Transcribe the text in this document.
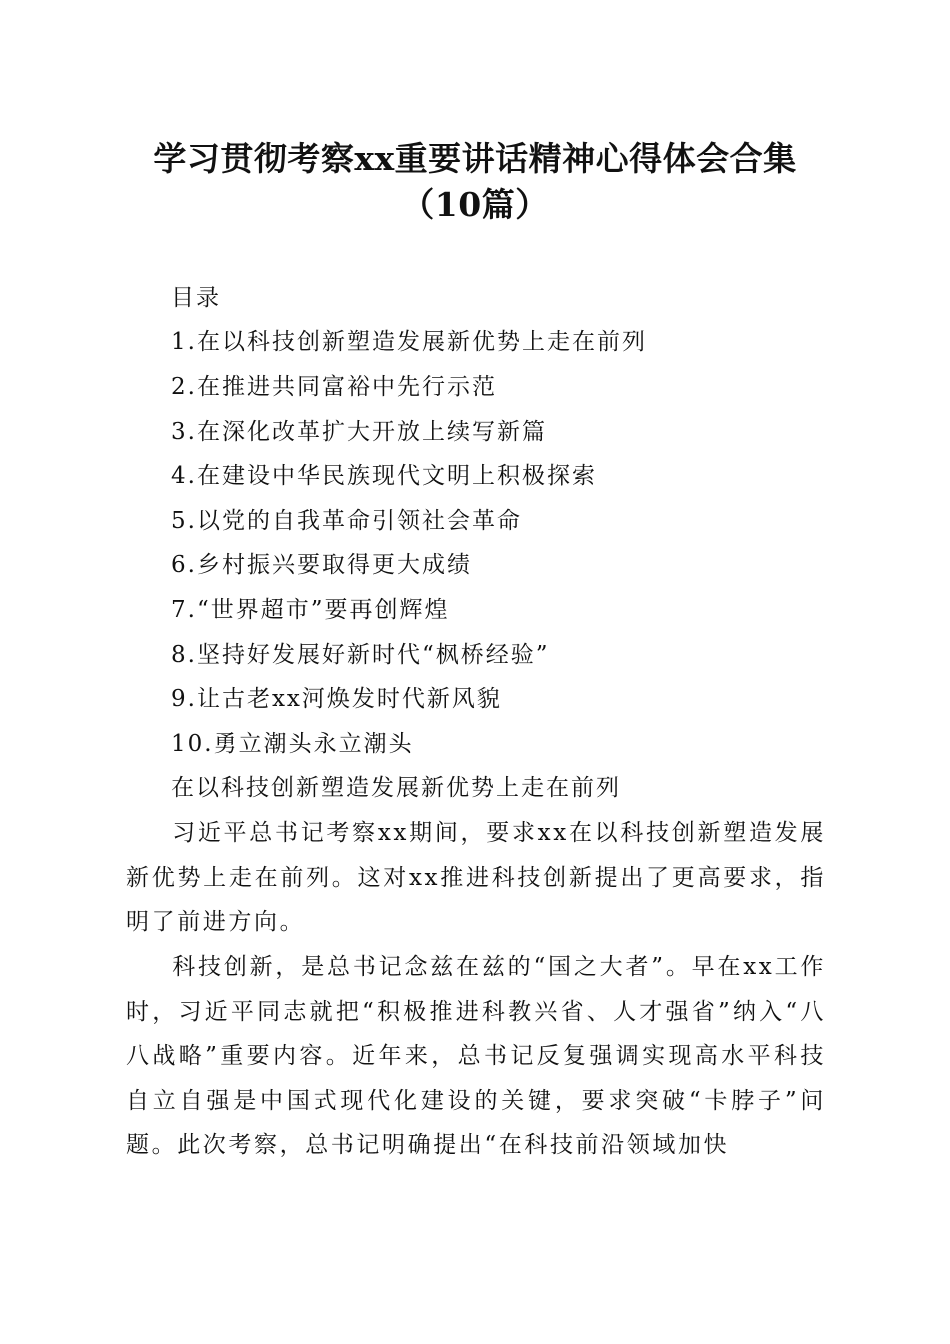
学习贯彻考察xx重要讲话精神心得体会合集
（10篇）
目录
1.在以科技创新塑造发展新优势上走在前列
2.在推进共同富裕中先行示范
3.在深化改革扩大开放上续写新篇
4.在建设中华民族现代文明上积极探索
5.以党的自我革命引领社会革命
6.乡村振兴要取得更大成绩
7.“世界超市”要再创辉煌
8.坚持好发展好新时代“枫桥经验”
9.让古老xx河焕发时代新风貌
10.勇立潮头永立潮头
在以科技创新塑造发展新优势上走在前列
习近平总书记考察xx期间，要求xx在以科技创新塑造发展新优势上走在前列。这对xx推进科技创新提出了更高要求，指明了前进方向。
科技创新，是总书记念兹在兹的“国之大者”。早在xx工作时，习近平同志就把“积极推进科教兴省、人才强省”纳入“八八战略”重要内容。近年来，总书记反复强调实现高水平科技自立自强是中国式现代化建设的关键，要求突破“卡脖子”问题。此次考察，总书记明确提出“在科技前沿领域加快
